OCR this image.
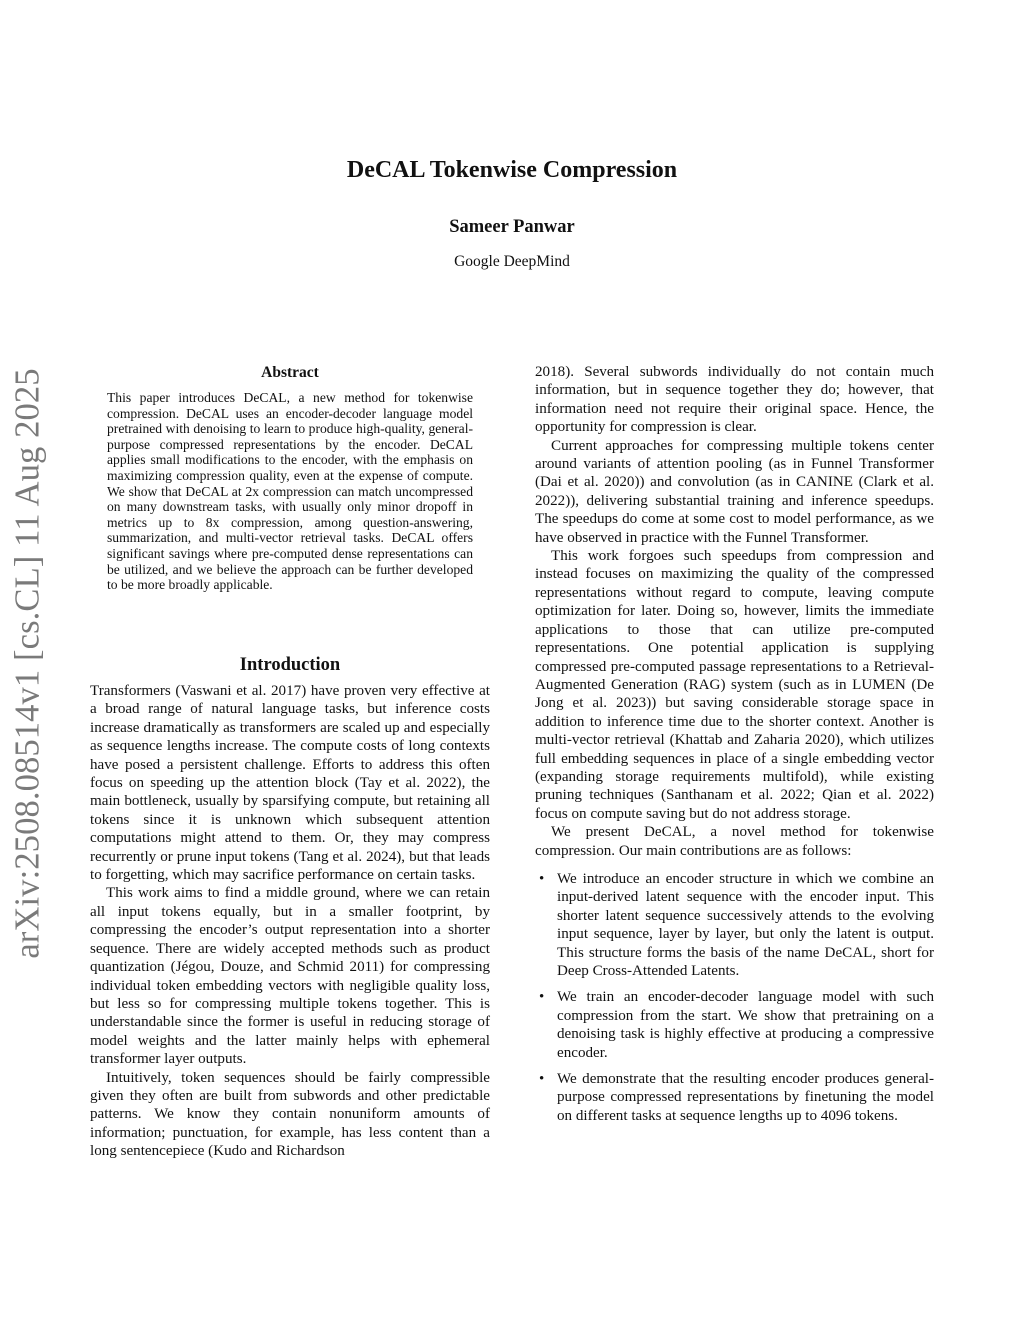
arXiv:2508.08514v1 [cs.CL] 11 Aug 2025
DeCAL Tokenwise Compression
Sameer Panwar
Google DeepMind
Abstract

This paper introduces DeCAL, a new method for tokenwise compression. DeCAL uses an encoder-decoder language model pretrained with denoising to learn to produce high-quality, general-purpose compressed representations by the encoder. DeCAL applies small modifications to the encoder, with the emphasis on maximizing compression quality, even at the expense of compute. We show that DeCAL at 2x compression can match uncompressed on many downstream tasks, with usually only minor dropoff in metrics up to 8x compression, among question-answering, summarization, and multi-vector retrieval tasks. DeCAL offers significant savings where pre-computed dense representations can be utilized, and we believe the approach can be further developed to be more broadly applicable.

Introduction

Transformers (Vaswani et al. 2017) have proven very effective at a broad range of natural language tasks, but inference costs increase dramatically as transformers are scaled up and especially as sequence lengths increase. The compute costs of long contexts have posed a persistent challenge. Efforts to address this often focus on speeding up the attention block (Tay et al. 2022), the main bottleneck, usually by sparsifying compute, but retaining all tokens since it is unknown which subsequent attention computations might attend to them. Or, they may compress recurrently or prune input tokens (Tang et al. 2024), but that leads to forgetting, which may sacrifice performance on certain tasks.

This work aims to find a middle ground, where we can retain all input tokens equally, but in a smaller footprint, by compressing the encoder’s output representation into a shorter sequence. There are widely accepted methods such as product quantization (Jégou, Douze, and Schmid 2011) for compressing individual token embedding vectors with negligible quality loss, but less so for compressing multiple tokens together. This is understandable since the former is useful in reducing storage of model weights and the latter mainly helps with ephemeral transformer layer outputs.

Intuitively, token sequences should be fairly compressible given they often are built from subwords and other predictable patterns. We know they contain nonuniform amounts of information; punctuation, for example, has less content than a long sentencepiece (Kudo and Richardson

2018). Several subwords individually do not contain much information, but in sequence together they do; however, that information need not require their original space. Hence, the opportunity for compression is clear.

Current approaches for compressing multiple tokens center around variants of attention pooling (as in Funnel Transformer (Dai et al. 2020)) and convolution (as in CANINE (Clark et al. 2022)), delivering substantial training and inference speedups. The speedups do come at some cost to model performance, as we have observed in practice with the Funnel Transformer.

This work forgoes such speedups from compression and instead focuses on maximizing the quality of the compressed representations without regard to compute, leaving compute optimization for later. Doing so, however, limits the immediate applications to those that can utilize pre-computed representations. One potential application is supplying compressed pre-computed passage representations to a Retrieval-Augmented Generation (RAG) system (such as in LUMEN (De Jong et al. 2023)) but saving considerable storage space in addition to inference time due to the shorter context. Another is multi-vector retrieval (Khattab and Zaharia 2020), which utilizes full embedding sequences in place of a single embedding vector (expanding storage requirements multifold), while existing pruning techniques (Santhanam et al. 2022; Qian et al. 2022) focus on compute saving but do not address storage.

We present DeCAL, a novel method for tokenwise compression. Our main contributions are as follows:

• We introduce an encoder structure in which we combine an input-derived latent sequence with the encoder input. This shorter latent sequence successively attends to the evolving input sequence, layer by layer, but only the latent is output. This structure forms the basis of the name DeCAL, short for Deep Cross-Attended Latents.
• We train an encoder-decoder language model with such compression from the start. We show that pretraining on a denoising task is highly effective at producing a compressive encoder.
• We demonstrate that the resulting encoder produces general-purpose compressed representations by finetuning the model on different tasks at sequence lengths up to 4096 tokens.
